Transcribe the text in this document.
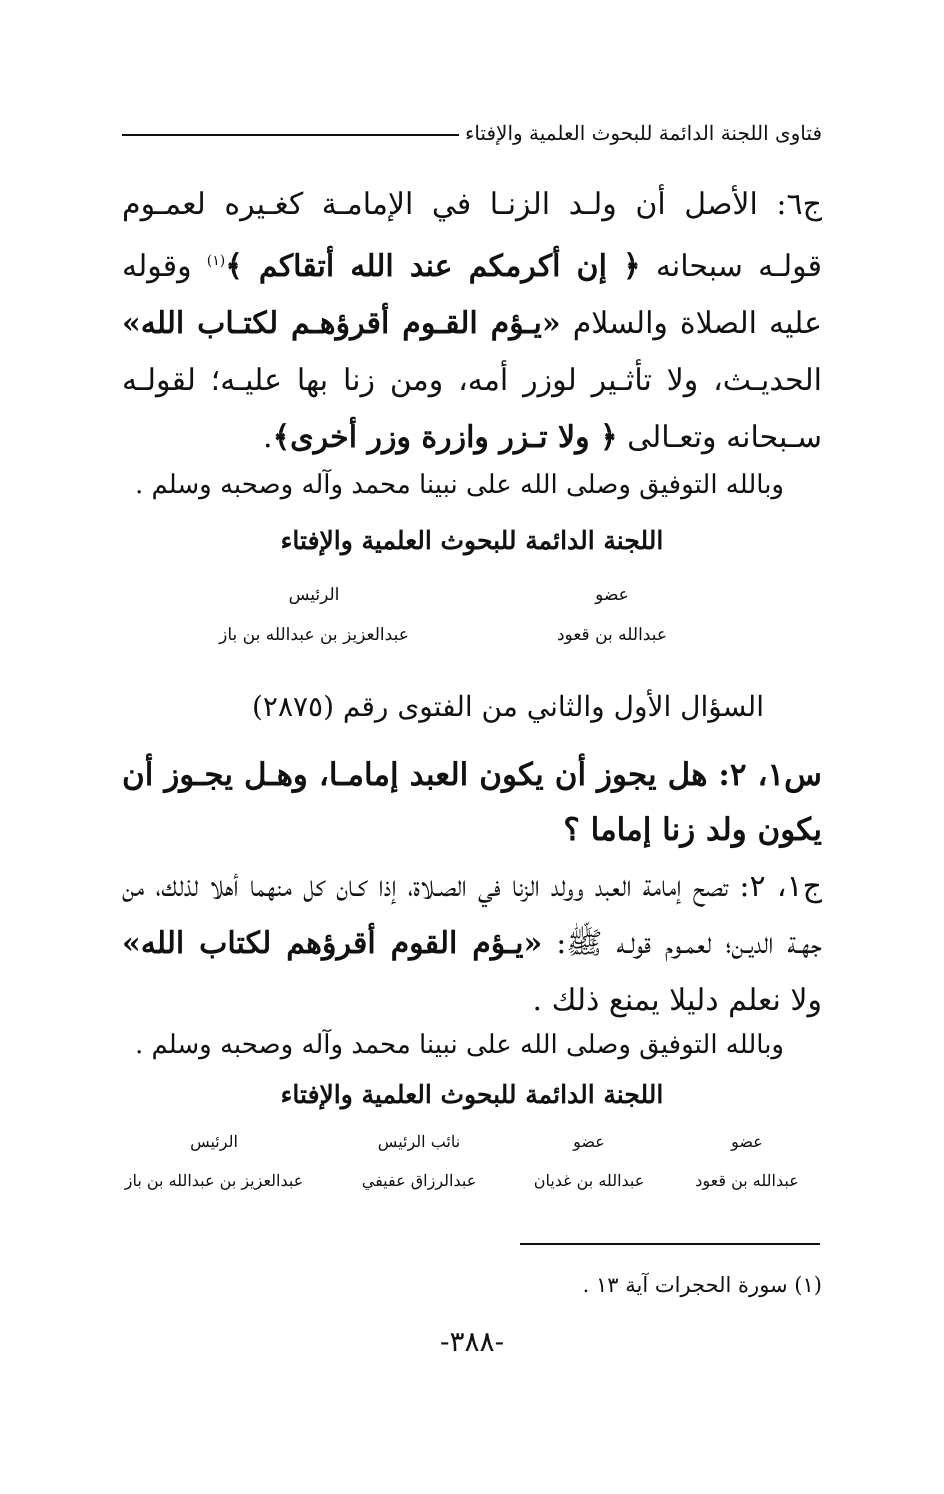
فتاوى اللجنة الدائمة للبحوث العلمية والإفتاء
ج٦: الأصل أن ولـد الزنـا في الإمامـة كغـيره لعمـوم قولـه سبحانه ﴿ إن أكرمكم عند الله أتقاكم ﴾$^{(١)}$ وقوله عليه الصلاة والسلام «يـؤم القـوم أقرؤهـم لكتـاب الله» الحديـث، ولا تأثـير لوزر أمه، ومن زنا بها عليـه؛ لقولـه سـبحانه وتعـالى ﴿ ولا تـزر وازرة وزر أخرى﴾.
وبالله التوفيق وصلى الله على نبينا محمد وآله وصحبه وسلم .
اللجنة الدائمة للبحوث العلمية والإفتاء
عضو
عبدالله بن قعود
الرئيس
عبدالعزيز بن عبدالله بن باز
السؤال الأول والثاني من الفتوى رقم (٢٨٧٥)
س١، ٢: هل يجوز أن يكون العبد إمامـا، وهـل يجـوز أن يكون ولد زنا إماما ؟
ج١، ٢: تصح إمامة العبد وولد الزنا في الصـلاة، إذا كـان كل منهما أهلا لذلك، من جهـة الديـن؛ لعمـوم قولـه ﷺ: «يـؤم القوم أقرؤهم لكتاب الله» ولا نعلم دليلا يمنع ذلك .
وبالله التوفيق وصلى الله على نبينا محمد وآله وصحبه وسلم .
اللجنة الدائمة للبحوث العلمية والإفتاء
عضو
عبدالله بن قعود
عضو
عبدالله بن غديان
نائب الرئيس
عبدالرزاق عفيفي
الرئيس
عبدالعزيز بن عبدالله بن باز
(١) سورة الحجرات آية ١٣ .
-٣٨٨-
